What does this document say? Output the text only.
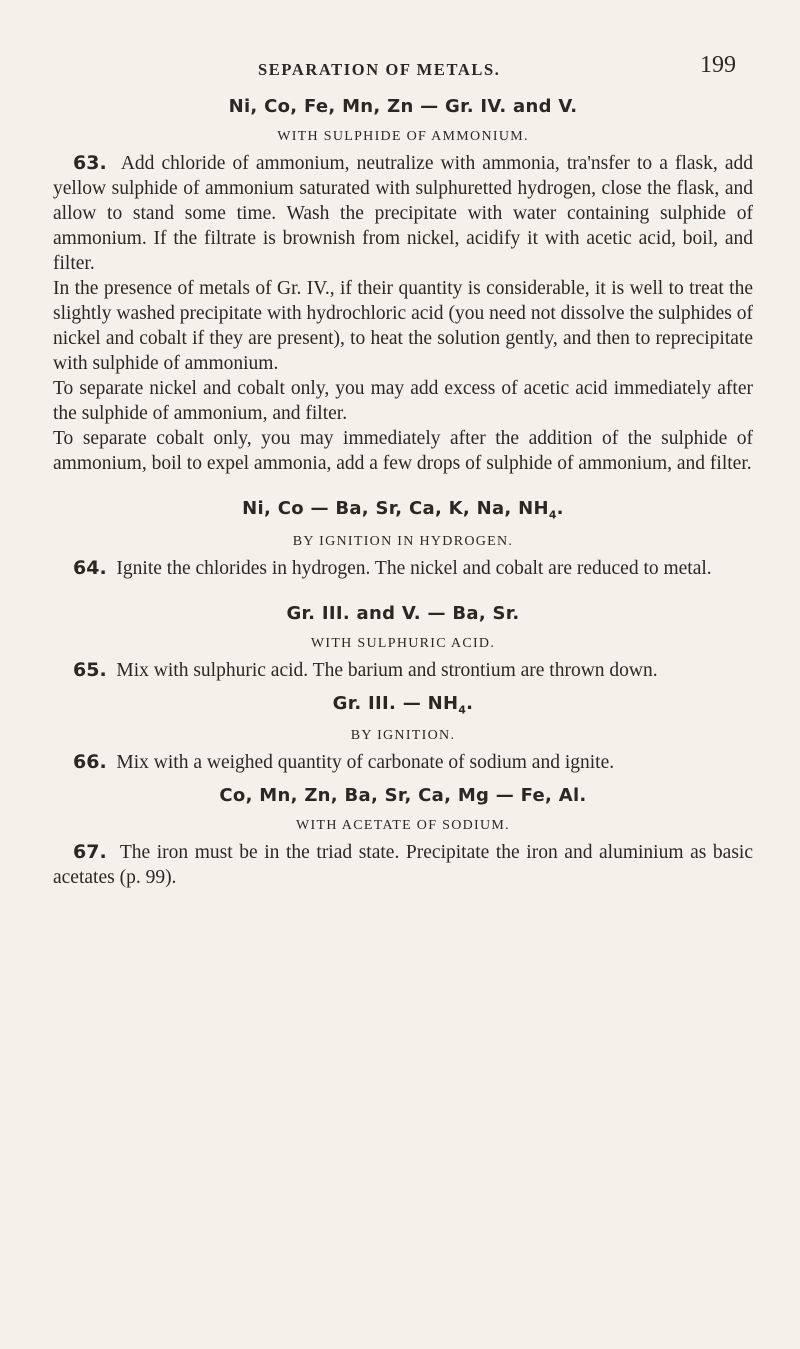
SEPARATION OF METALS.	199
Ni, Co, Fe, Mn, Zn — Gr. IV. and V.
WITH SULPHIDE OF AMMONIUM.

63. Add chloride of ammonium, neutralize with ammonia, tra'nsfer to a flask, add yellow sulphide of ammonium saturated with sulphuretted hydrogen, close the flask, and allow to stand some time. Wash the precipitate with water containing sulphide of ammonium. If the filtrate is brownish from nickel, acidify it with acetic acid, boil, and filter.

In the presence of metals of Gr. IV., if their quantity is considerable, it is well to treat the slightly washed precipitate with hydrochloric acid (you need not dissolve the sulphides of nickel and cobalt if they are present), to heat the solution gently, and then to reprecipitate with sulphide of ammonium.

To separate nickel and cobalt only, you may add excess of acetic acid immediately after the sulphide of ammonium, and filter.

To separate cobalt only, you may immediately after the addition of the sulphide of ammonium, boil to expel ammonia, add a few drops of sulphide of ammonium, and filter.

Ni, Co — Ba, Sr, Ca, K, Na, $NH_4$.
BY IGNITION IN HYDROGEN.

64. Ignite the chlorides in hydrogen. The nickel and cobalt are reduced to metal.

Gr. III. and V. — Ba, Sr.
WITH SULPHURIC ACID.

65. Mix with sulphuric acid. The barium and strontium are thrown down.

Gr. III. — $NH_4$.
BY IGNITION.

66. Mix with a weighed quantity of carbonate of sodium and ignite.

Co, Mn, Zn, Ba, Sr, Ca, Mg — Fe, Al.
WITH ACETATE OF SODIUM.

67. The iron must be in the triad state. Precipitate the iron and aluminium as basic acetates (p. 99).
